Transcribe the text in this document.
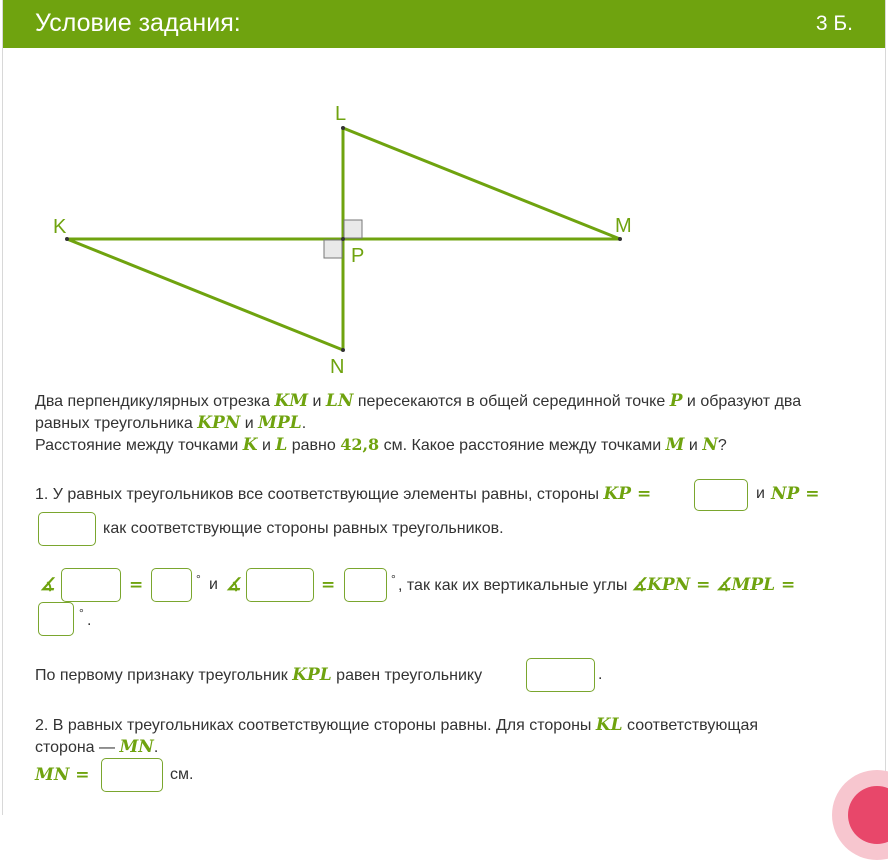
Условие задания:	3 Б.
L
K	M
P
N
Два перпендикулярных отрезка KM и LN пересекаются в общей серединной точке P и образуют два
равных треугольника KPN и MPL.
Расстояние между точками K и L равно 42,8 см. Какое расстояние между точками M и N?
1. У равных треугольников все соответствующие элементы равны, стороны KP =	и NP =
как соответствующие стороны равных треугольников.
∡	=	° и ∡	=	° , так как их вертикальные углы ∡KPN = ∡MPL =
° .
По первому признаку треугольник KPL равен треугольнику	.
2. В равных треугольниках соответствующие стороны равны. Для стороны KL соответствующая
сторона — MN.
MN =	см.
